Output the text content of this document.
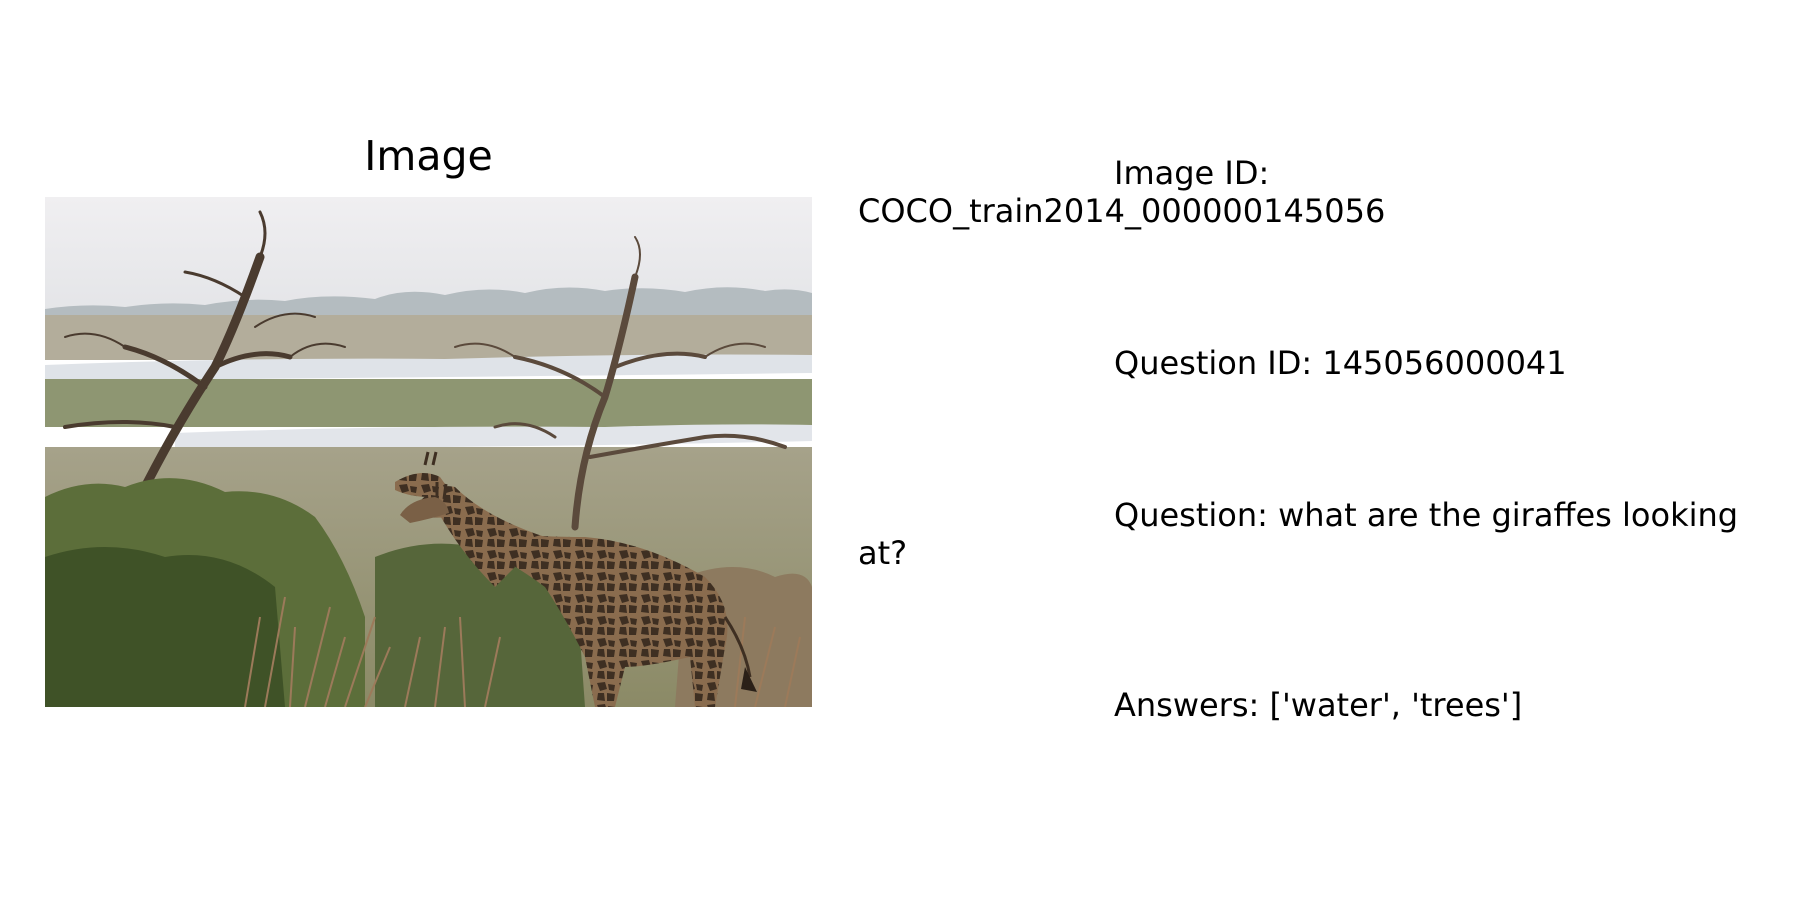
Image

	Image ID: COCO_train2014_000000145056

Question ID: 145056000041

Question: what are the giraffes looking at?

Answers: ['water', 'trees']
